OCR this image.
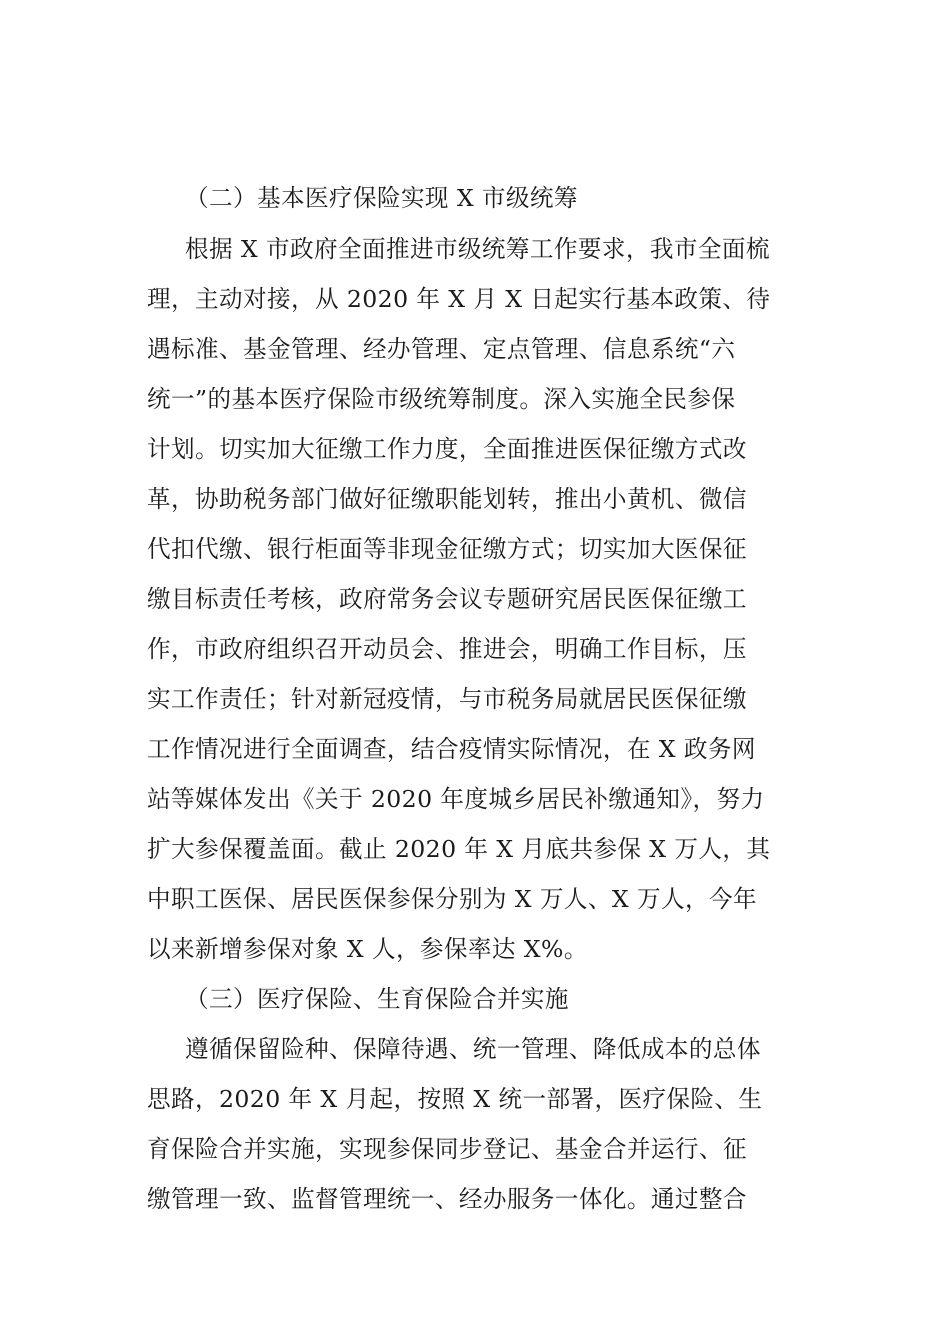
（二）基本医疗保险实现 X 市级统筹
根据 X 市政府全面推进市级统筹工作要求，我市全面梳
理，主动对接，从 2020 年 X 月 X 日起实行基本政策、待
遇标准、基金管理、经办管理、定点管理、信息系统“六
统一”的基本医疗保险市级统筹制度。深入实施全民参保
计划。切实加大征缴工作力度，全面推进医保征缴方式改
革，协助税务部门做好征缴职能划转，推出小黄机、微信
代扣代缴、银行柜面等非现金征缴方式；切实加大医保征
缴目标责任考核，政府常务会议专题研究居民医保征缴工
作，市政府组织召开动员会、推进会，明确工作目标，压
实工作责任；针对新冠疫情，与市税务局就居民医保征缴
工作情况进行全面调查，结合疫情实际情况，在 X 政务网
站等媒体发出《关于 2020 年度城乡居民补缴通知》，努力
扩大参保覆盖面。截止 2020 年 X 月底共参保 X 万人，其
中职工医保、居民医保参保分别为 X 万人、X 万人，今年
以来新增参保对象 X 人，参保率达 X%。
（三）医疗保险、生育保险合并实施
遵循保留险种、保障待遇、统一管理、降低成本的总体
思路，2020 年 X 月起，按照 X 统一部署，医疗保险、生
育保险合并实施，实现参保同步登记、基金合并运行、征
缴管理一致、监督管理统一、经办服务一体化。通过整合
